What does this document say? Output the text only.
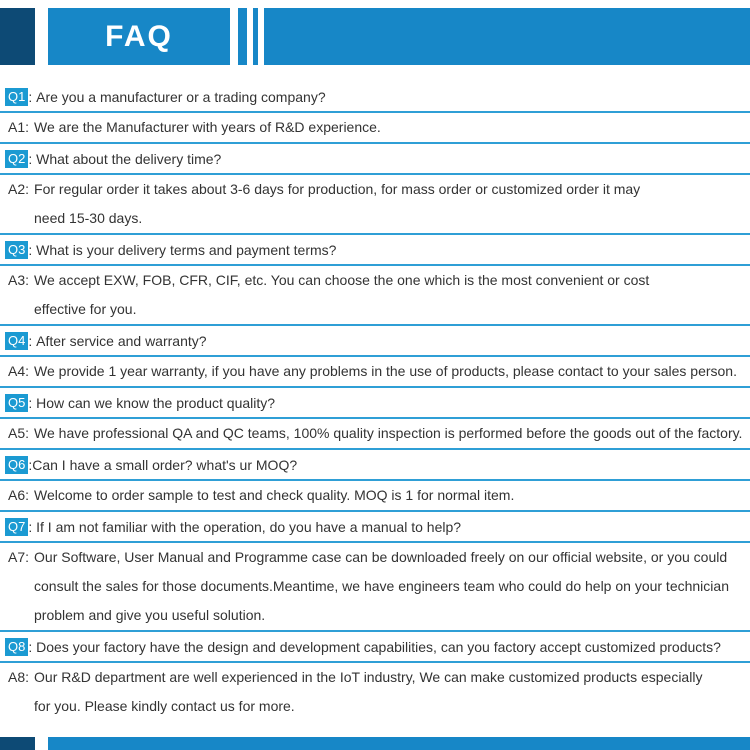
FAQ
Q1 : Are you a manufacturer or a trading company?
A1: We are the Manufacturer with years of R&D experience.
Q2 : What about the delivery time?
A2: For regular order it takes about 3-6 days for production, for mass order or customized order it may
need 15-30 days.
Q3 : What is your delivery terms and payment terms?
A3: We accept EXW, FOB, CFR, CIF, etc. You can choose the one which is the most convenient or cost
effective for you.
Q4 : After service and warranty?
A4: We provide 1 year warranty, if you have any problems in the use of products, please contact to your sales person.
Q5 : How can we know the product quality?
A5: We have professional QA and QC teams, 100% quality inspection is performed before the goods out of the factory.
Q6 : Can I have a small order? what's ur MOQ?
A6: Welcome to order sample to test and check quality. MOQ is 1 for normal item.
Q7 : If I am not familiar with the operation, do you have a manual to help?
A7: Our Software, User Manual and Programme case can be downloaded freely on our official website, or you could
consult the sales for those documents.Meantime, we have engineers team who could do help on your technician
problem and give you useful solution.
Q8 : Does your factory have the design and development capabilities, can you factory accept customized products?
A8: Our R&D department are well experienced in the IoT industry, We can make customized products especially
for you. Please kindly contact us for more.
